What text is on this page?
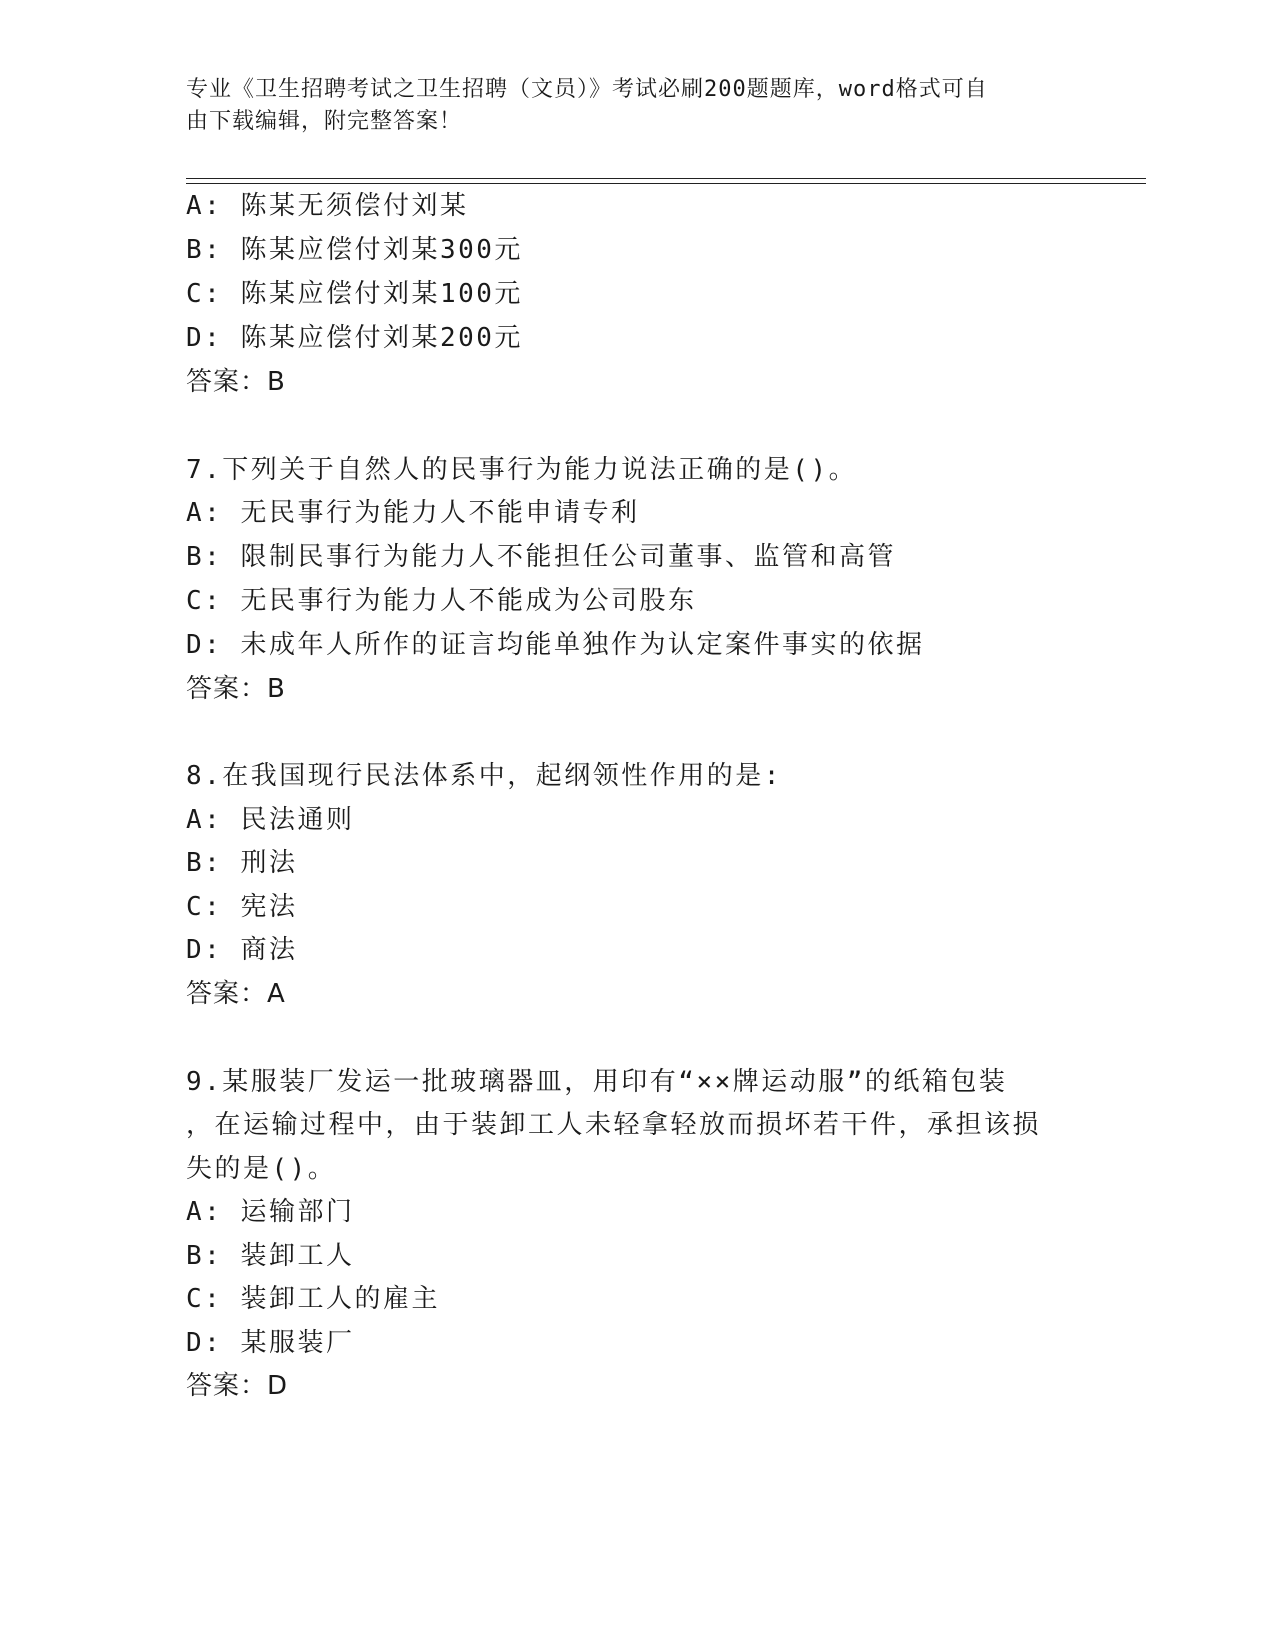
专业《卫生招聘考试之卫生招聘（文员）》考试必刷200题题库，word格式可自
由下载编辑，附完整答案！
A: 陈某无须偿付刘某
B: 陈某应偿付刘某300元
C: 陈某应偿付刘某100元
D: 陈某应偿付刘某200元
答案：B
7.下列关于自然人的民事行为能力说法正确的是()。
A: 无民事行为能力人不能申请专利
B: 限制民事行为能力人不能担任公司董事、监管和高管
C: 无民事行为能力人不能成为公司股东
D: 未成年人所作的证言均能单独作为认定案件事实的依据
答案：B
8.在我国现行民法体系中，起纲领性作用的是:
A: 民法通则
B: 刑法
C: 宪法
D: 商法
答案：A
9.某服装厂发运一批玻璃器皿，用印有“××牌运动服”的纸箱包装
，在运输过程中，由于装卸工人未轻拿轻放而损坏若干件，承担该损
失的是()。
A: 运输部门
B: 装卸工人
C: 装卸工人的雇主
D: 某服装厂
答案：D
